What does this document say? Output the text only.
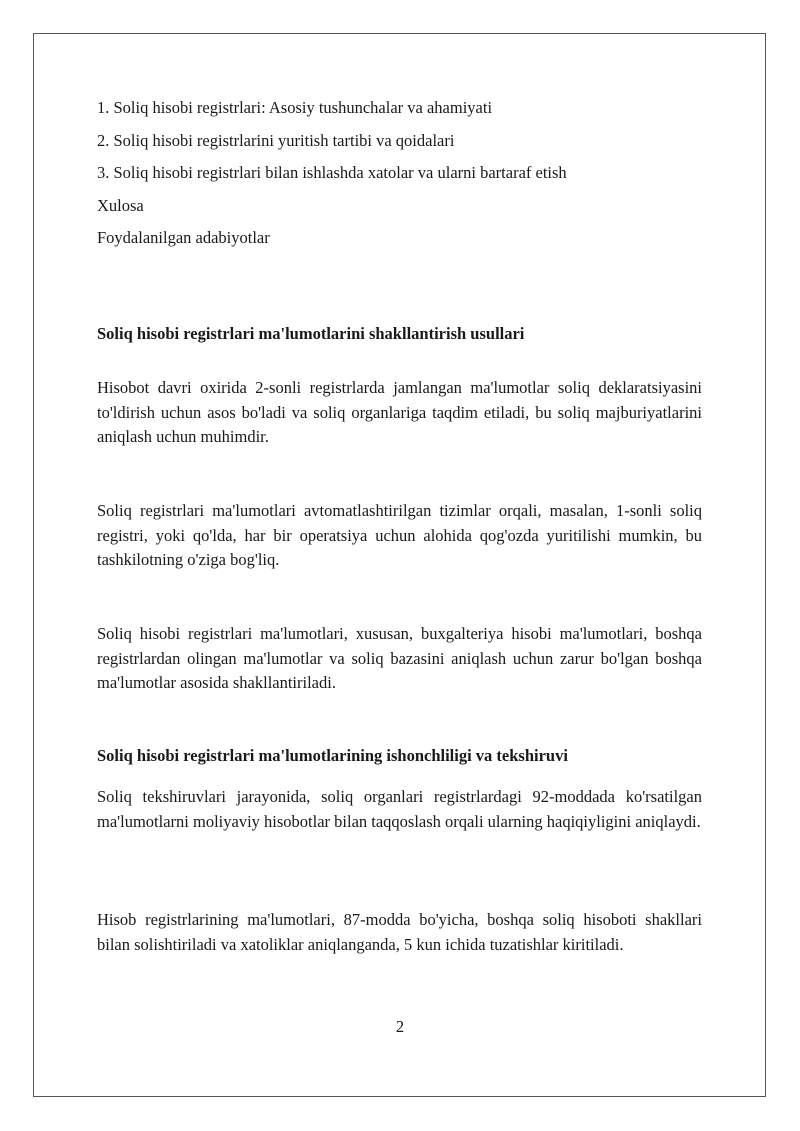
1. Soliq hisobi registrlari: Asosiy tushunchalar va ahamiyati
2. Soliq hisobi registrlarini yuritish tartibi va qoidalari
3. Soliq hisobi registrlari bilan ishlashda xatolar va ularni bartaraf etish
Xulosa
Foydalanilgan adabiyotlar
Soliq hisobi registrlari ma'lumotlarini shakllantirish usullari

Hisobot davri oxirida 2-sonli registrlarda jamlangan ma'lumotlar soliq deklaratsiyasini to'ldirish uchun asos bo'ladi va soliq organlariga taqdim etiladi, bu soliq majburiyatlarini aniqlash uchun muhimdir.

Soliq registrlari ma'lumotlari avtomatlashtirilgan tizimlar orqali, masalan, 1-sonli soliq registri, yoki qo'lda, har bir operatsiya uchun alohida qog'ozda yuritilishi mumkin, bu tashkilotning o'ziga bog'liq.

Soliq hisobi registrlari ma'lumotlari, xususan, buxgalteriya hisobi ma'lumotlari, boshqa registrlardan olingan ma'lumotlar va soliq bazasini aniqlash uchun zarur bo'lgan boshqa ma'lumotlar asosida shakllantiriladi.

Soliq hisobi registrlari ma'lumotlarining ishonchliligi va tekshiruvi

Soliq tekshiruvlari jarayonida, soliq organlari registrlardagi 92-moddada ko'rsatilgan ma'lumotlarni moliyaviy hisobotlar bilan taqqoslash orqali ularning haqiqiyligini aniqlaydi.

Hisob registrlarining ma'lumotlari, 87-modda bo'yicha, boshqa soliq hisoboti shakllari bilan solishtiriladi va xatoliklar aniqlanganda, 5 kun ichida tuzatishlar kiritiladi.

2
